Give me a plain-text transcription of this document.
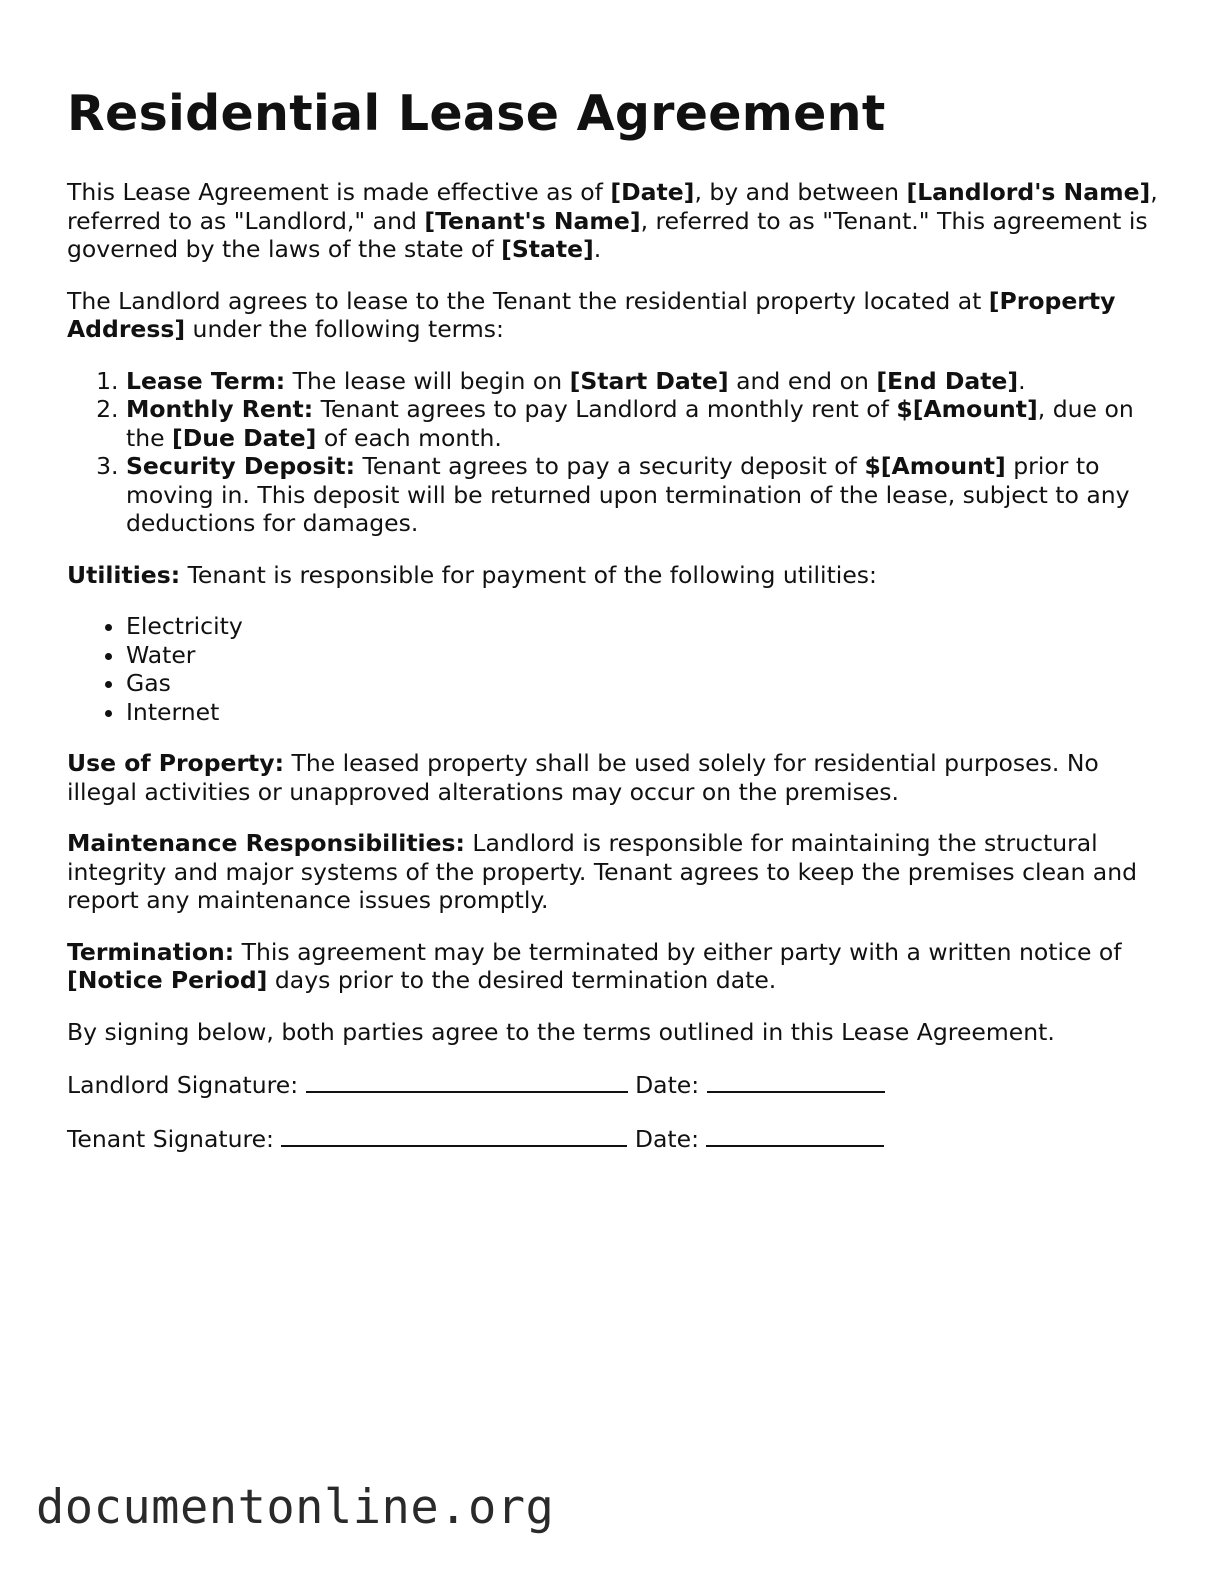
Residential Lease Agreement

This Lease Agreement is made effective as of [Date], by and between [Landlord's Name], referred to as "Landlord," and [Tenant's Name], referred to as "Tenant." This agreement is governed by the laws of the state of [State].

The Landlord agrees to lease to the Tenant the residential property located at [Property Address] under the following terms:

1. Lease Term: The lease will begin on [Start Date] and end on [End Date].
2. Monthly Rent: Tenant agrees to pay Landlord a monthly rent of $[Amount], due on the [Due Date] of each month.
3. Security Deposit: Tenant agrees to pay a security deposit of $[Amount] prior to moving in. This deposit will be returned upon termination of the lease, subject to any deductions for damages.

Utilities: Tenant is responsible for payment of the following utilities:

• Electricity
• Water
• Gas
• Internet

Use of Property: The leased property shall be used solely for residential purposes. No illegal activities or unapproved alterations may occur on the premises.

Maintenance Responsibilities: Landlord is responsible for maintaining the structural integrity and major systems of the property. Tenant agrees to keep the premises clean and report any maintenance issues promptly.

Termination: This agreement may be terminated by either party with a written notice of [Notice Period] days prior to the desired termination date.

By signing below, both parties agree to the terms outlined in this Lease Agreement.

Landlord Signature:	Date:

Tenant Signature:	Date:

documentonline.org
